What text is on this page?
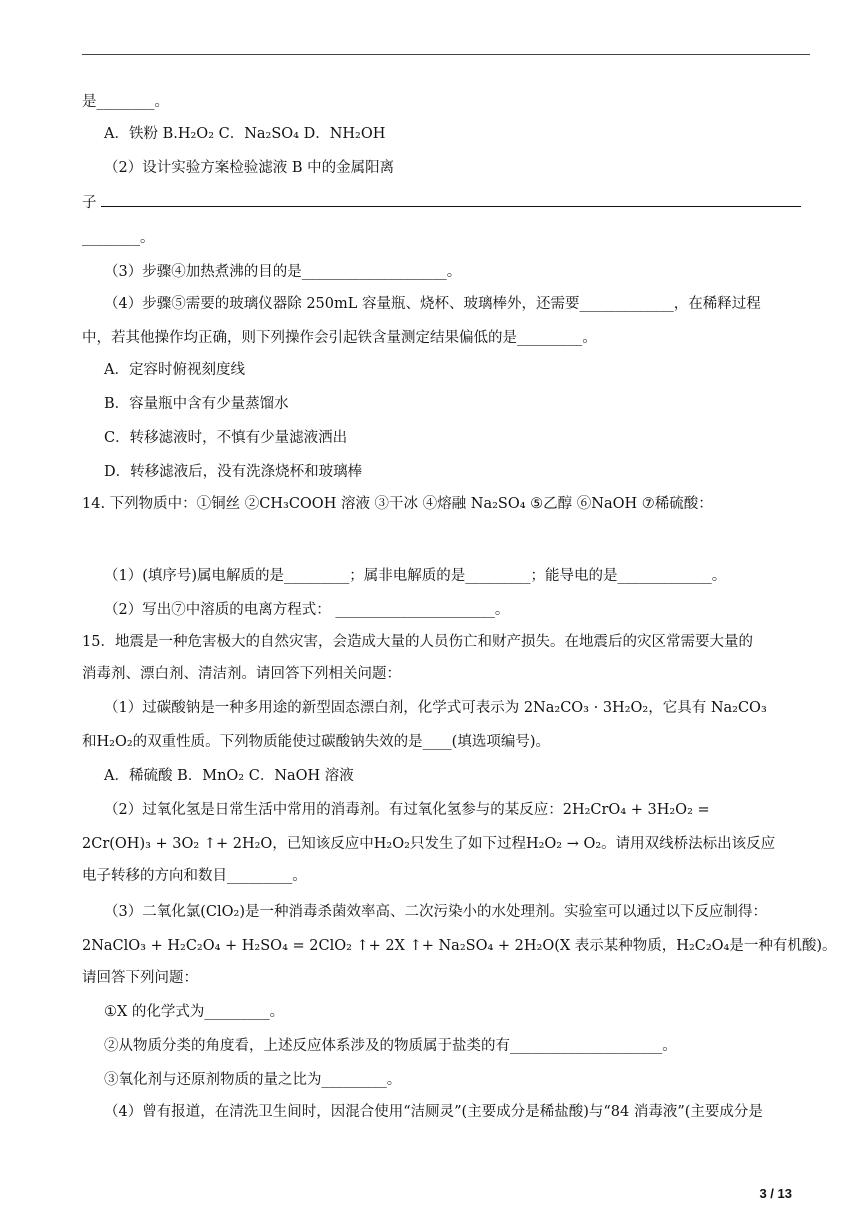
是________。
A．铁粉 B.H₂O₂ C．Na₂SO₄ D．NH₂OH
（2）设计实验方案检验滤液 B 中的金属阳离
子
________。
（3）步骤④加热煮沸的目的是____________________。
（4）步骤⑤需要的玻璃仪器除 250mL 容量瓶、烧杯、玻璃棒外，还需要_____________，在稀释过程
中，若其他操作均正确，则下列操作会引起铁含量测定结果偏低的是_________。
A．定容时俯视刻度线
B．容量瓶中含有少量蒸馏水
C．转移滤液时，不慎有少量滤液洒出
D．转移滤液后，没有洗涤烧杯和玻璃棒
14. 下列物质中：①铜丝 ②CH₃COOH 溶液 ③干冰 ④熔融 Na₂SO₄ ⑤乙醇 ⑥NaOH ⑦稀硫酸：
（1）(填序号)属电解质的是_________；属非电解质的是_________；能导电的是_____________。
（2）写出⑦中溶质的电离方程式： ______________________。
15．地震是一种危害极大的自然灾害，会造成大量的人员伤亡和财产损失。在地震后的灾区常需要大量的
消毒剂、漂白剂、清洁剂。请回答下列相关问题：
（1）过碳酸钠是一种多用途的新型固态漂白剂，化学式可表示为 2Na₂CO₃ · 3H₂O₂，它具有 Na₂CO₃
和H₂O₂的双重性质。下列物质能使过碳酸钠失效的是____(填选项编号)。
A．稀硫酸 B．MnO₂ C．NaOH 溶液
（2）过氧化氢是日常生活中常用的消毒剂。有过氧化氢参与的某反应：2H₂CrO₄ + 3H₂O₂ =
2Cr(OH)₃ + 3O₂ ↑+ 2H₂O，已知该反应中H₂O₂只发生了如下过程H₂O₂ → O₂。请用双线桥法标出该反应
电子转移的方向和数目_________。
（3）二氧化氯(ClO₂)是一种消毒杀菌效率高、二次污染小的水处理剂。实验室可以通过以下反应制得：
2NaClO₃ + H₂C₂O₄ + H₂SO₄ = 2ClO₂ ↑+ 2X ↑+ Na₂SO₄ + 2H₂O(X 表示某种物质，H₂C₂O₄是一种有机酸)。
请回答下列问题：
①X 的化学式为_________。
②从物质分类的角度看，上述反应体系涉及的物质属于盐类的有_____________________。
③氧化剂与还原剂物质的量之比为_________。
（4）曾有报道，在清洗卫生间时，因混合使用“洁厕灵”(主要成分是稀盐酸)与“84 消毒液”(主要成分是
3 / 13
